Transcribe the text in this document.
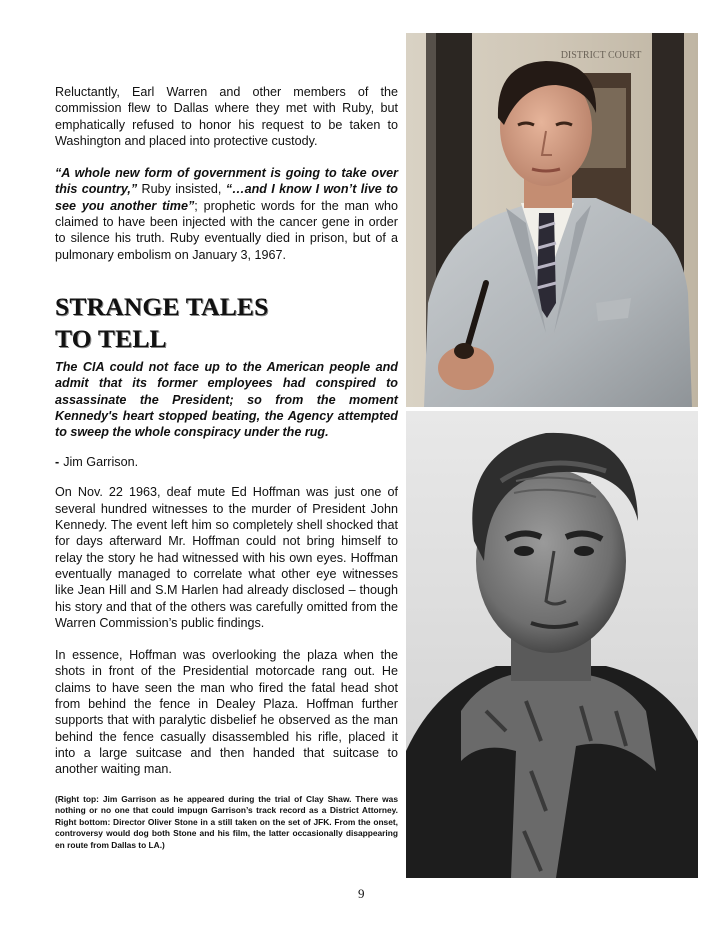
Reluctantly, Earl Warren and other members of the commission flew to Dallas where they met with Ruby, but emphatically refused to honor his request to be taken to Washington and placed into protective custody.

“A whole new form of government is going to take over this country,” Ruby insisted, “…and I know I won’t live to see you another time”; prophetic words for the man who claimed to have been injected with the cancer gene in order to silence his truth. Ruby eventually died in prison, but of a pulmonary embolism on January 3, 1967.

STRANGE TALES
TO TELL

The CIA could not face up to the American people and admit that its former employees had conspired to assassinate the President; so from the moment Kennedy's heart stopped beating, the Agency attempted to sweep the whole conspiracy under the rug.

- Jim Garrison.

On Nov. 22 1963, deaf mute Ed Hoffman was just one of several hundred witnesses to the murder of President John Kennedy. The event left him so completely shell shocked that for days afterward Mr. Hoffman could not bring himself to relay the story he had witnessed with his own eyes. Hoffman eventually managed to correlate what other eye witnesses like Jean Hill and S.M Harlen had already disclosed – though his story and that of the others was carefully omitted from the Warren Commission’s public findings.

In essence, Hoffman was overlooking the plaza when the shots in front of the Presidential motorcade rang out. He claims to have seen the man who fired the fatal head shot from behind the fence in Dealey Plaza. Hoffman further supports that with paralytic disbelief he observed as the man behind the fence casually disassembled his rifle, placed it into a large suitcase and then handed that suitcase to another waiting man.

(Right top: Jim Garrison as he appeared during the trial of Clay Shaw. There was nothing or no one that could impugn Garrison’s track record as a District Attorney. Right bottom: Director Oliver Stone in a still taken on the set of JFK. From the onset, controversy would dog both Stone and his film, the latter occasionally disappearing en route from Dallas to LA.)

DISTRICT COURT
9
